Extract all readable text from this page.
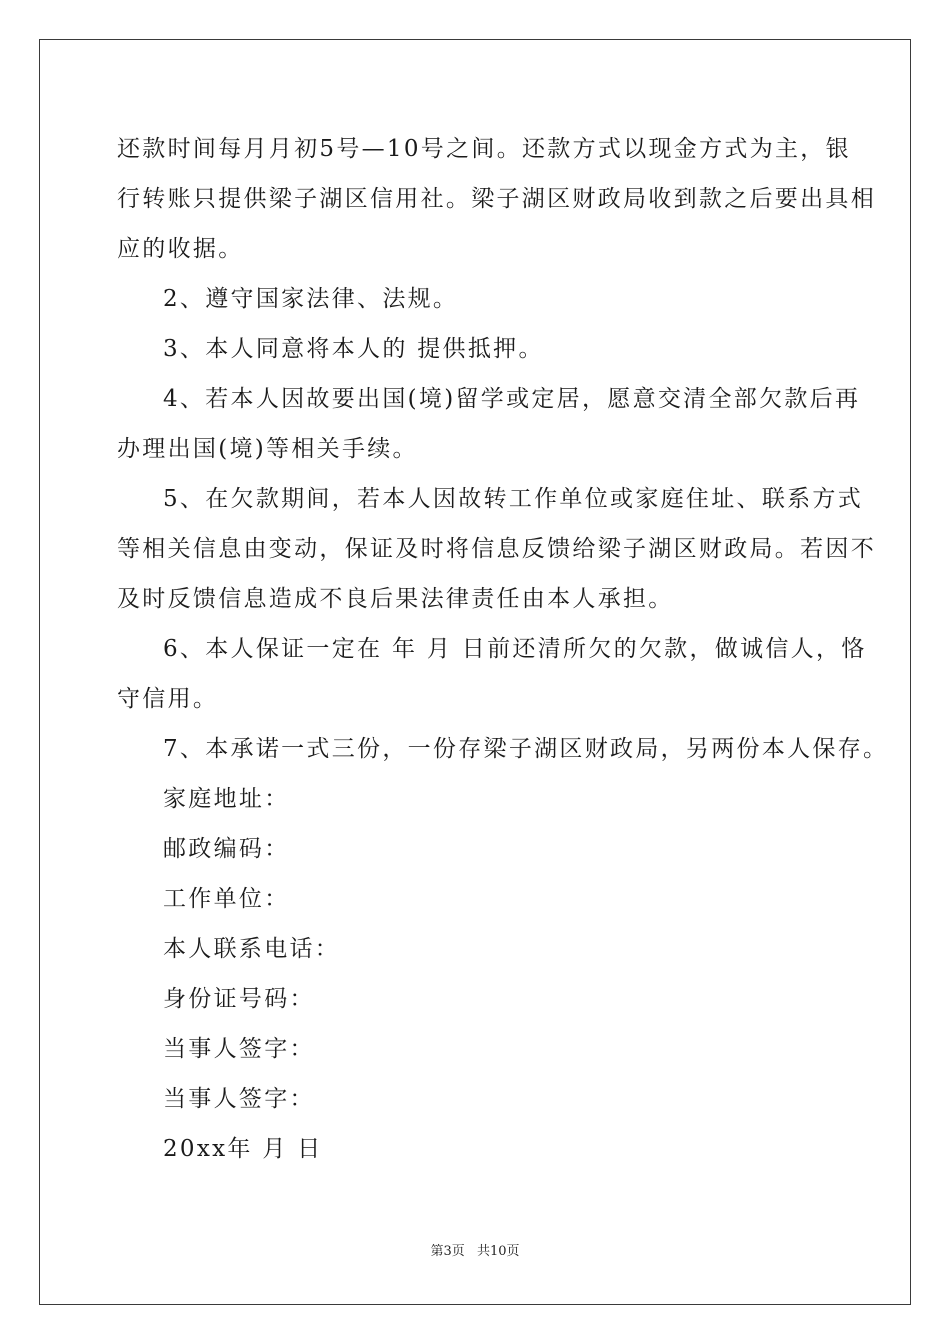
还款时间每月月初5号—10号之间。还款方式以现金方式为主，银
行转账只提供梁子湖区信用社。梁子湖区财政局收到款之后要出具相
应的收据。
2、遵守国家法律、法规。
3、本人同意将本人的 提供抵押。
4、若本人因故要出国(境)留学或定居，愿意交清全部欠款后再
办理出国(境)等相关手续。
5、在欠款期间，若本人因故转工作单位或家庭住址、联系方式
等相关信息由变动，保证及时将信息反馈给梁子湖区财政局。若因不
及时反馈信息造成不良后果法律责任由本人承担。
6、本人保证一定在 年 月 日前还清所欠的欠款，做诚信人，恪
守信用。
7、本承诺一式三份，一份存梁子湖区财政局，另两份本人保存。
家庭地址：
邮政编码：
工作单位：
本人联系电话：
身份证号码：
当事人签字：
当事人签字：
20xx年 月 日
第3页 共10页
